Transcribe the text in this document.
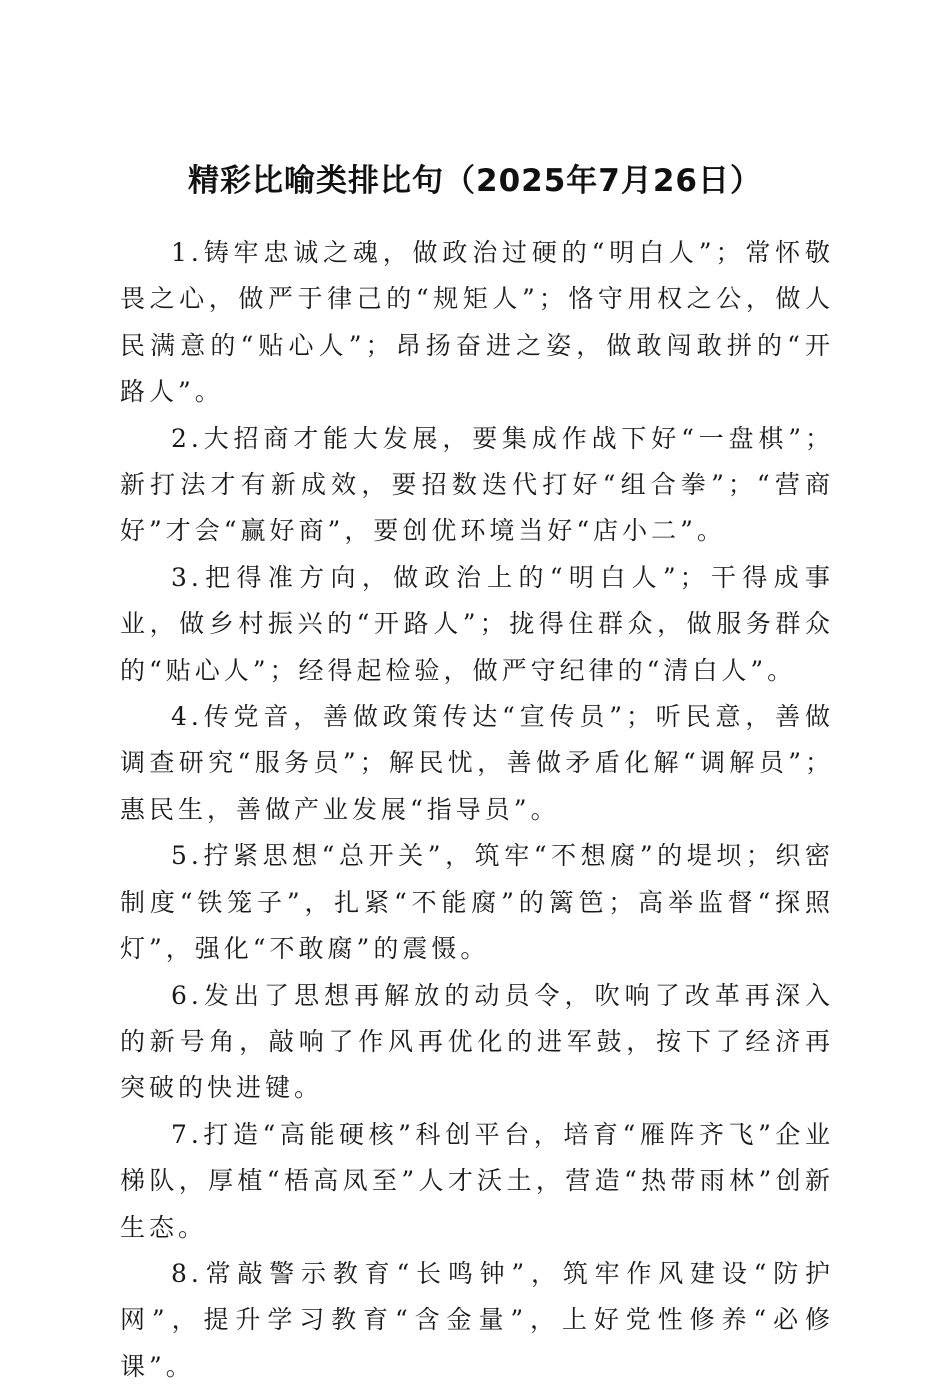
精彩比喻类排比句（2025年7月26日）

1.铸牢忠诚之魂，做政治过硬的“明白人”；常怀敬畏之心，做严于律己的“规矩人”；恪守用权之公，做人民满意的“贴心人”；昂扬奋进之姿，做敢闯敢拼的“开路人”。

2.大招商才能大发展，要集成作战下好“一盘棋”；新打法才有新成效，要招数迭代打好“组合拳”；“营商好”才会“赢好商”，要创优环境当好“店小二”。

3.把得准方向，做政治上的“明白人”；干得成事业，做乡村振兴的“开路人”；拢得住群众，做服务群众的“贴心人”；经得起检验，做严守纪律的“清白人”。

4.传党音，善做政策传达“宣传员”；听民意，善做调查研究“服务员”；解民忧，善做矛盾化解“调解员”；惠民生，善做产业发展“指导员”。

5.拧紧思想“总开关”，筑牢“不想腐”的堤坝；织密制度“铁笼子”，扎紧“不能腐”的篱笆；高举监督“探照灯”，强化“不敢腐”的震慑。

6.发出了思想再解放的动员令，吹响了改革再深入的新号角，敲响了作风再优化的进军鼓，按下了经济再突破的快进键。

7.打造“高能硬核”科创平台，培育“雁阵齐飞”企业梯队，厚植“梧高凤至”人才沃土，营造“热带雨林”创新生态。

8.常敲警示教育“长鸣钟”，筑牢作风建设“防护网”，提升学习教育“含金量”，上好党性修养“必修课”。
